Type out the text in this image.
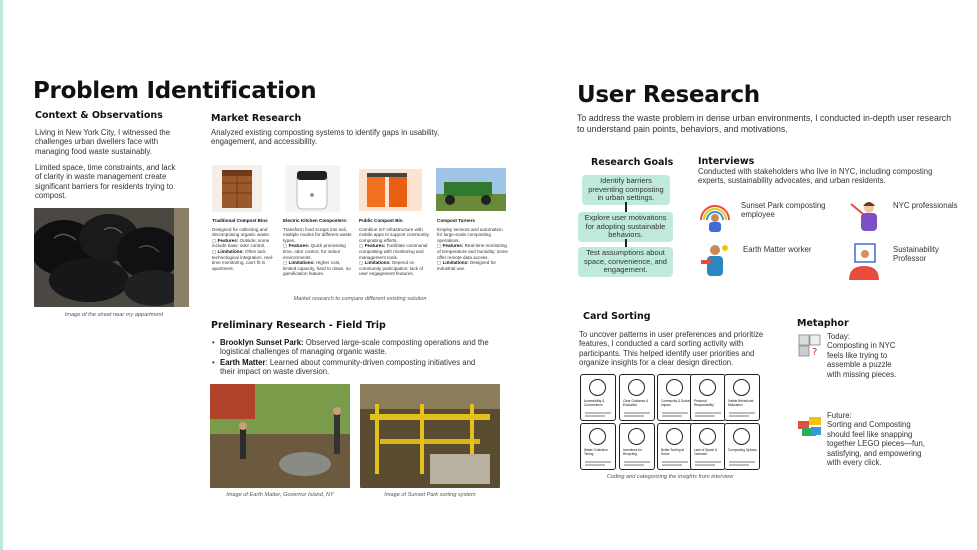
Problem Identification
Context & Observations
Living in New York City, I witnessed the challenges urban dwellers face with managing food waste sustainably.
Limited space, time constraints, and lack of clarity in waste management create significant barriers for residents trying to compost.
Image of the street near my appartment
Market Research
Analyzed existing composting systems to identify gaps in usability, engagement, and accessibility.
Traditional Compost Bins
Designed for collecting and decomposing organic waste.
▢ Features: Outside; some include basic odor control.
▢ Limitations: Often lack technological integration, real-time monitoring, can't fit in apartment.
Electric Kitchen Composters:
Transform food scraps into soil, multiple modes for different waste types.
▢ Features: Quick processing time, odor control, for indoor environments.
▢ Limitations: Higher cost, limited capacity, hard to clean, no gamification feature.
Public Compost Bin
Combine IoT infrastructure with mobile apps to support community composting efforts.
▢ Features: Facilitate communal composting with monitoring and management tools.
▢ Limitations: Depend on community participation; lack of user engagement features.
Compost Turners
Employ sensors and automation for large-scale composting operations.
▢ Features: Real-time monitoring of temperature and humidity; some offer remote data access.
▢ Limitations: Designed for industrial use.
Market research to compare different existing solution
Preliminary Research - Field Trip
• Brooklyn Sunset Park: Observed large-scale composting operations and the logistical challenges of managing organic waste.
• Earth Matter: Learned about community-driven composting initiatives and their impact on waste diversion.
Image of Earth Matter, Governor Island, NY	Image of Sunset Park sorting system
User Research
To address the waste problem in dense urban environments, I conducted in-depth user research to understand pain points, behaviors, and motivations.
Research Goals
Identify barriers preventing composting in urban settings.
Explore user motivations for adopting sustainable behaviors.
Test assumptions about space, convenience, and engagement.
Interviews
Conducted with stakeholders who live in NYC, including composting experts, sustainability advocates, and urban residents.
Sunset Park composting employee
NYC professionals
Earth Matter worker	Sustainability Professor
Card Sorting
To uncover patterns in user preferences and prioritize features, I conducted a card sorting activity with participants. This helped identify user priorities and organize insights for a clear design direction.
Accessibility & Convenience
Clear Guidance & Education
Community & Social Impact
Personal Responsibility
Visible Behavioral Motivation
Waste Collection Timing
Incentives for Recycling
Better Sorting at Home
Lack of Space & Outreach
Composting Options
Coding and categorizing the insights from interview
Metaphor
?
Today:
Composting in NYC feels like trying to assemble a puzzle with missing pieces.
Future:
Sorting and Composting should feel like snapping together LEGO pieces—fun, satisfying, and empowering with every click.
